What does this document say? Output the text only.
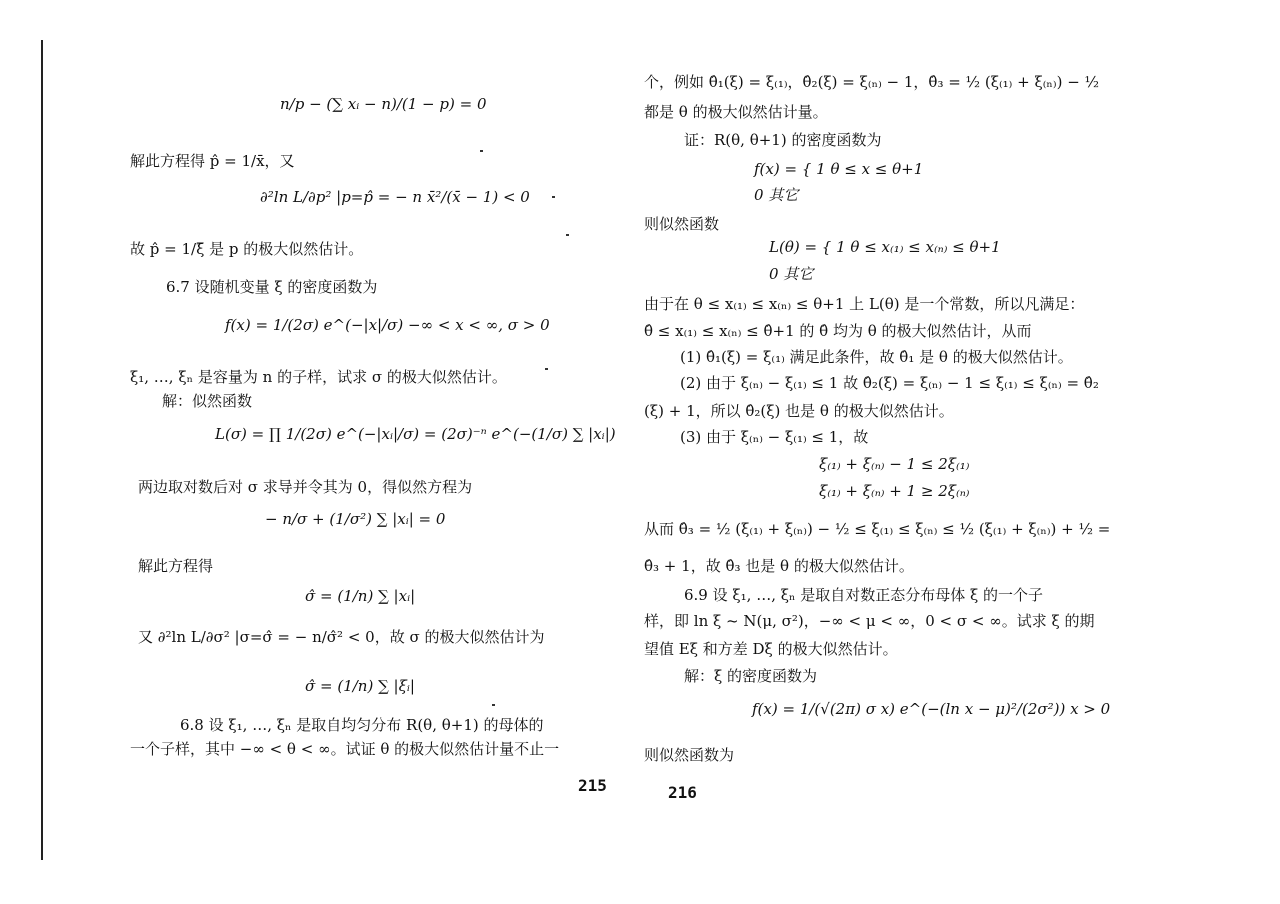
n/p − (∑ xᵢ − n)/(1 − p) = 0
解此方程得 p̂ = 1/x̄，又
∂²ln L/∂p² |p=p̂ = − n x̄²/(x̄ − 1) < 0
故 p̂ = 1/ξ̄ 是 p 的极大似然估计。
6.7 设随机变量 ξ 的密度函数为
f(x) = 1/(2σ) e^(−|x|/σ) −∞ < x < ∞, σ > 0
ξ₁, …, ξₙ 是容量为 n 的子样，试求 σ 的极大似然估计。
解：似然函数
L(σ) = ∏ 1/(2σ) e^(−|xᵢ|/σ) = (2σ)⁻ⁿ e^(−(1/σ) ∑ |xᵢ|)
两边取对数后对 σ 求导并令其为 0，得似然方程为
− n/σ + (1/σ²) ∑ |xᵢ| = 0
解此方程得
σ̂ = (1/n) ∑ |xᵢ|
又 ∂²ln L/∂σ² |σ=σ̂ = − n/σ̂² < 0，故 σ 的极大似然估计为
σ̂ = (1/n) ∑ |ξᵢ|
6.8 设 ξ₁, …, ξₙ 是取自均匀分布 R(θ, θ+1) 的母体的
一个子样，其中 −∞ < θ < ∞。试证 θ 的极大似然估计量不止一
215
个，例如 θ̂₁(ξ) = ξ₍₁₎，θ̂₂(ξ) = ξ₍ₙ₎ − 1，θ̂₃ = ½ (ξ₍₁₎ + ξ₍ₙ₎) − ½
都是 θ 的极大似然估计量。
证：R(θ, θ+1) 的密度函数为
f(x) = { 1 θ ≤ x ≤ θ+1
0 其它
则似然函数
L(θ) = { 1 θ ≤ x₍₁₎ ≤ x₍ₙ₎ ≤ θ+1
0 其它
由于在 θ ≤ x₍₁₎ ≤ x₍ₙ₎ ≤ θ+1 上 L(θ) 是一个常数，所以凡满足：
θ̂ ≤ x₍₁₎ ≤ x₍ₙ₎ ≤ θ̂+1 的 θ̂ 均为 θ 的极大似然估计，从而
(1) θ̂₁(ξ) = ξ₍₁₎ 满足此条件，故 θ̂₁ 是 θ 的极大似然估计。
(2) 由于 ξ₍ₙ₎ − ξ₍₁₎ ≤ 1 故 θ̂₂(ξ) = ξ₍ₙ₎ − 1 ≤ ξ₍₁₎ ≤ ξ₍ₙ₎ = θ̂₂
(ξ) + 1，所以 θ̂₂(ξ) 也是 θ 的极大似然估计。
(3) 由于 ξ₍ₙ₎ − ξ₍₁₎ ≤ 1，故
ξ₍₁₎ + ξ₍ₙ₎ − 1 ≤ 2ξ₍₁₎
ξ₍₁₎ + ξ₍ₙ₎ + 1 ≥ 2ξ₍ₙ₎
从而 θ̂₃ = ½ (ξ₍₁₎ + ξ₍ₙ₎) − ½ ≤ ξ₍₁₎ ≤ ξ₍ₙ₎ ≤ ½ (ξ₍₁₎ + ξ₍ₙ₎) + ½ =
θ̂₃ + 1，故 θ̂₃ 也是 θ 的极大似然估计。
6.9 设 ξ₁, …, ξₙ 是取自对数正态分布母体 ξ 的一个子
样，即 ln ξ ~ N(μ, σ²)，−∞ < μ < ∞，0 < σ < ∞。试求 ξ 的期
望值 Eξ 和方差 Dξ 的极大似然估计。
解：ξ 的密度函数为
f(x) = 1/(√(2π) σ x) e^(−(ln x − μ)²/(2σ²)) x > 0
则似然函数为
216
